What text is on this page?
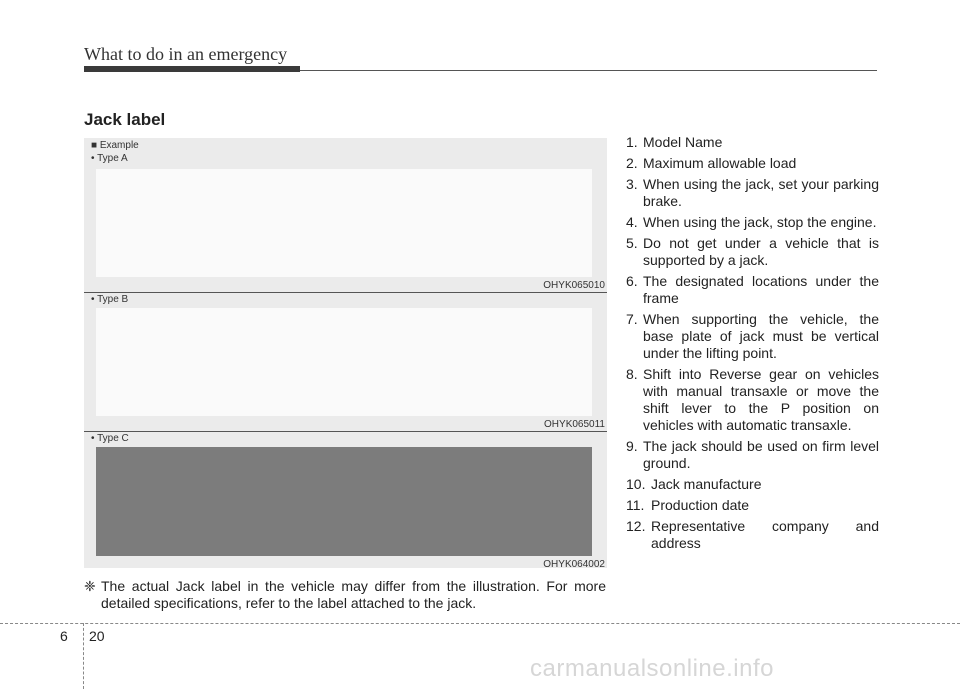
What to do in an emergency
Jack label
■ Example
• Type A
OHYK065010
• Type B
OHYK065011
• Type C
OHYK064002
❈ The actual Jack label in the vehicle may differ from the illustration. For more detailed specifications, refer to the label attached to the jack.
1. Model Name
2. Maximum allowable load
3. When using the jack, set your parking brake.
4. When using the jack, stop the engine.
5. Do not get under a vehicle that is supported by a jack.
6. The designated locations under the frame
7. When supporting the vehicle, the base plate of jack must be vertical under the lifting point.
8. Shift into Reverse gear on vehicles with manual transaxle or move the shift lever to the P position on vehicles with automatic transaxle.
9. The jack should be used on firm level ground.
10. Jack manufacture
11. Production date
12. Representative company and address
6 20
carmanualsonline.info
